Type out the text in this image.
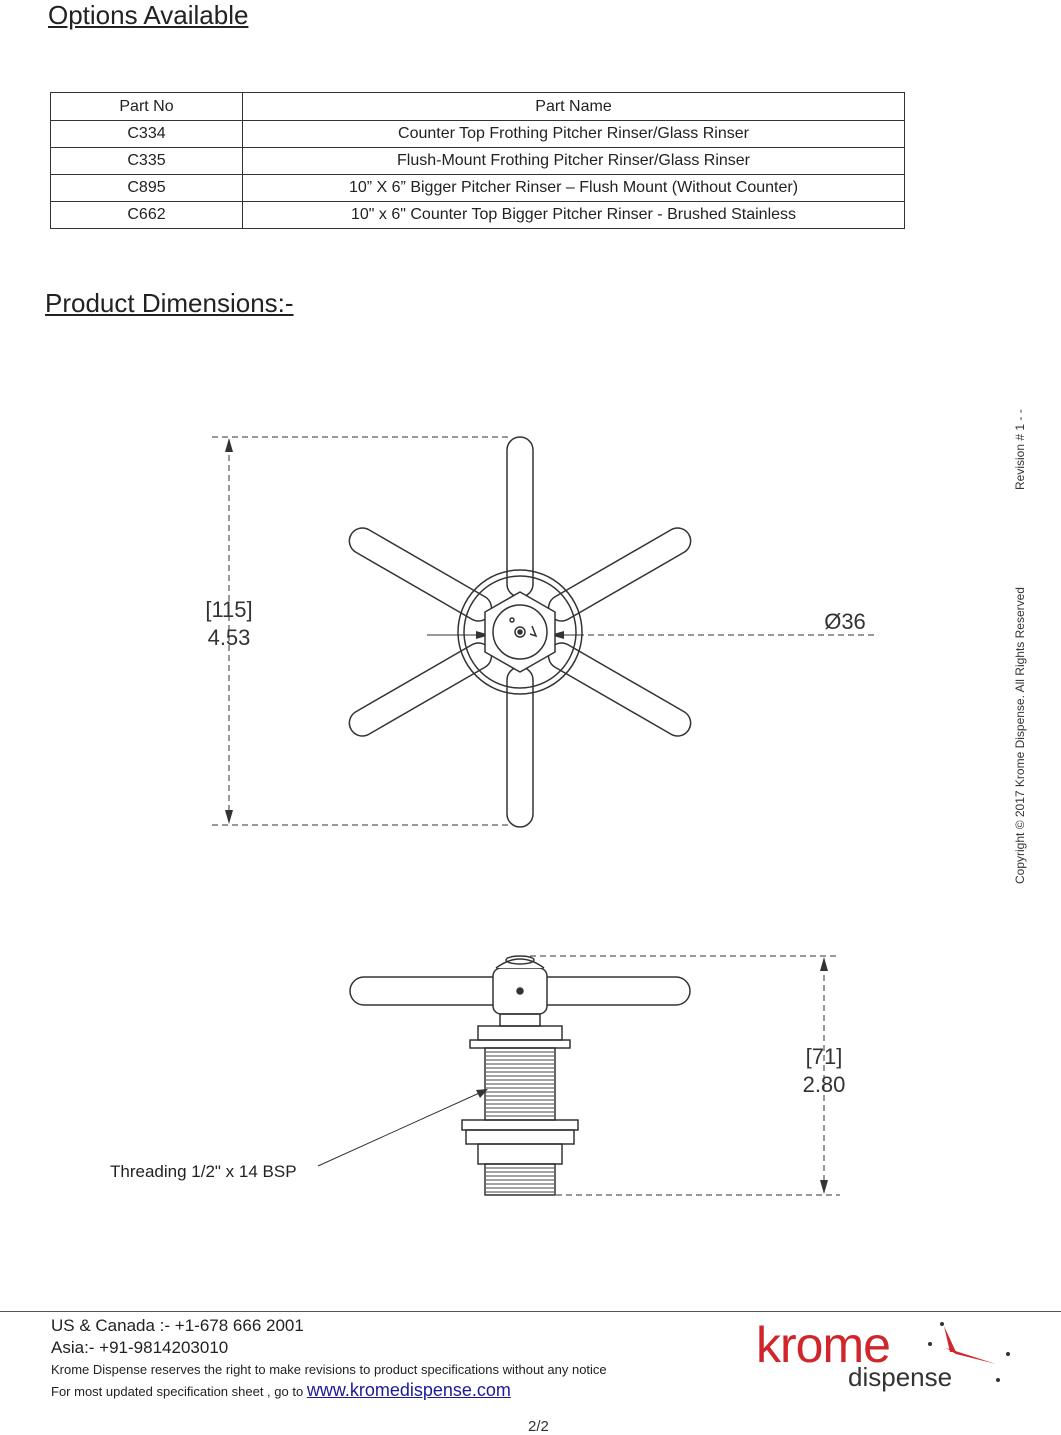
Options Available
Part No	Part Name
C334	Counter Top Frothing Pitcher Rinser/Glass Rinser
C335	Flush-Mount Frothing Pitcher Rinser/Glass Rinser
C895	10” X 6” Bigger Pitcher Rinser – Flush Mount (Without Counter)
C662	10" x 6" Counter Top Bigger Pitcher Rinser - Brushed Stainless
Product Dimensions:-
[115]
4.53
Ø36
[71]
2.80
Threading 1/2" x 14 BSP
Revision # 1 - -
Copyright © 2017 Krome Dispense. All Rights Reserved
US & Canada :- +1-678 666 2001
Asia:- +91-9814203010
Krome Dispense reserves the right to make revisions to product specifications without any notice
For most updated specification sheet , go to www.kromedispense.com
krome
dispense
2/2
